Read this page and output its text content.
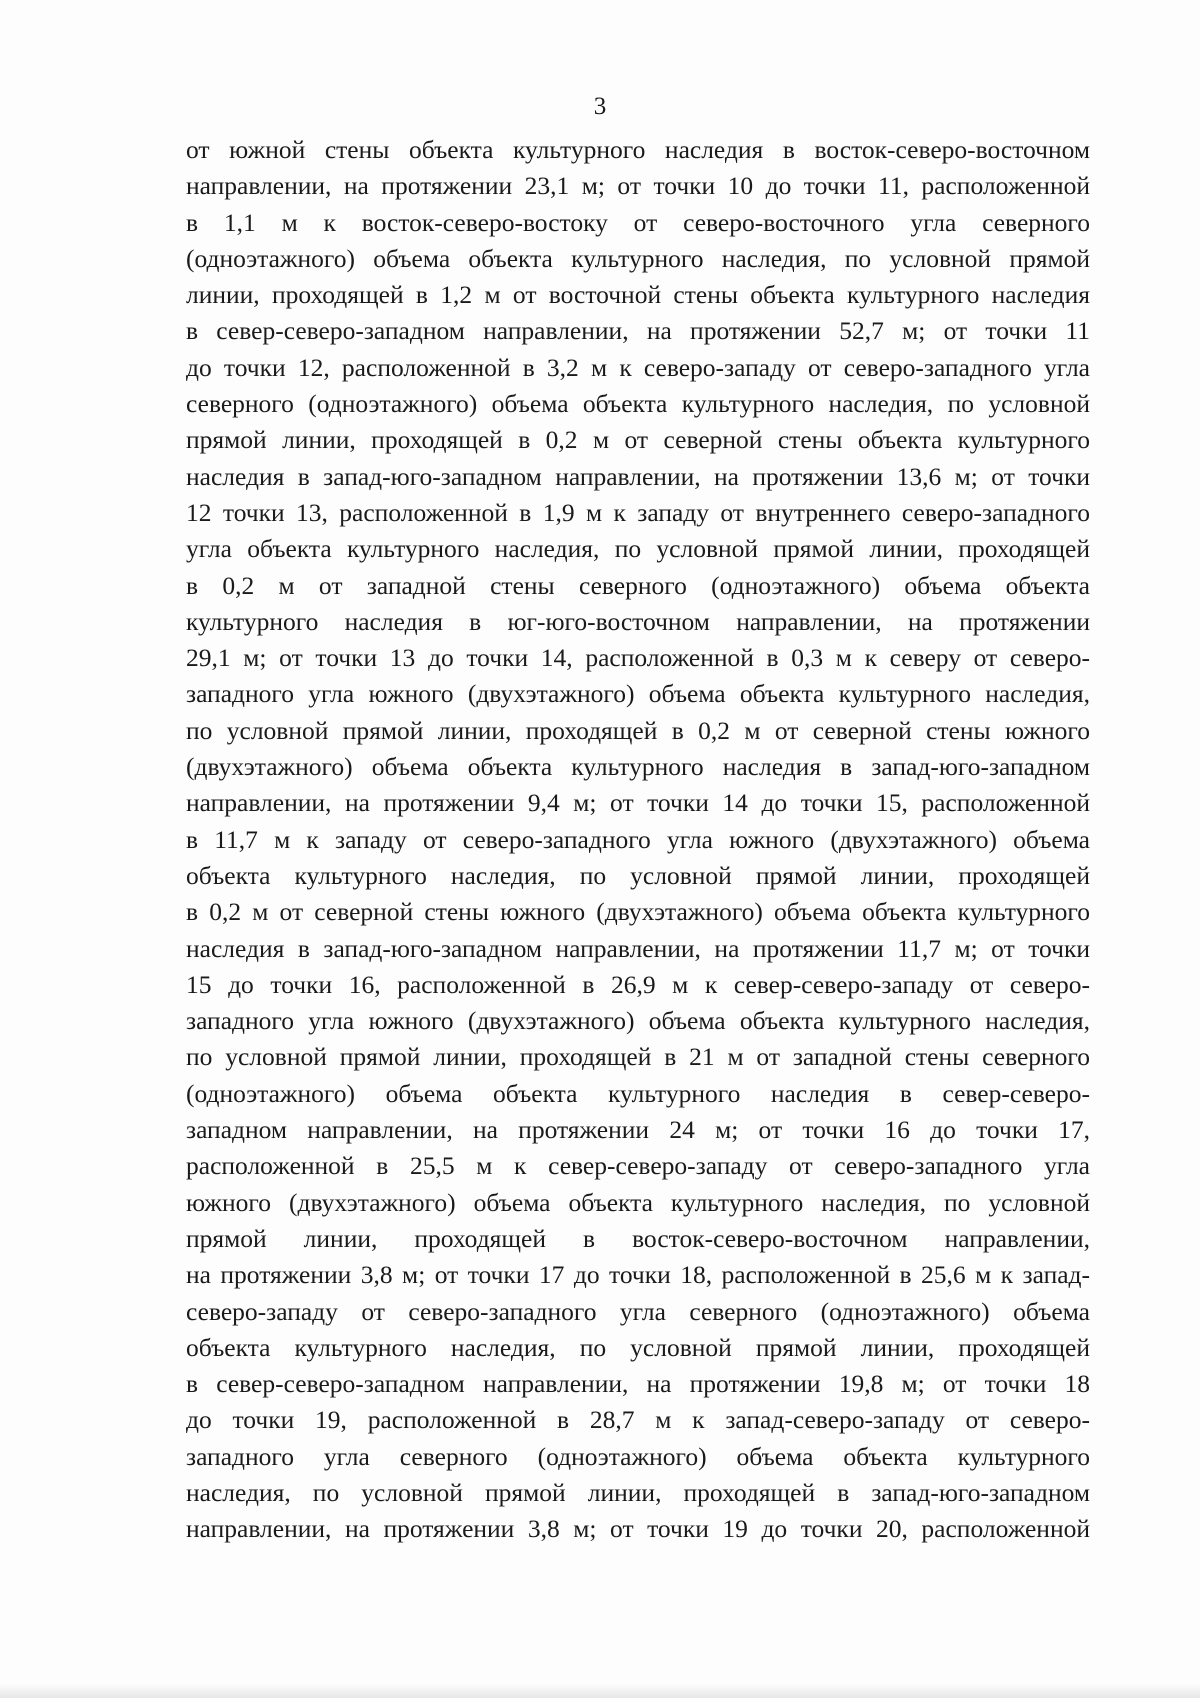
3
от южной стены объекта культурного наследия в восток-северо-восточном
направлении, на протяжении 23,1 м; от точки 10 до точки 11, расположенной
в 1,1 м к восток-северо-востоку от северо-восточного угла северного
(одноэтажного) объема объекта культурного наследия, по условной прямой
линии, проходящей в 1,2 м от восточной стены объекта культурного наследия
в север-северо-западном направлении, на протяжении 52,7 м; от точки 11
до точки 12, расположенной в 3,2 м к северо-западу от северо-западного угла
северного (одноэтажного) объема объекта культурного наследия, по условной
прямой линии, проходящей в 0,2 м от северной стены объекта культурного
наследия в запад-юго-западном направлении, на протяжении 13,6 м; от точки
12 точки 13, расположенной в 1,9 м к западу от внутреннего северо-западного
угла объекта культурного наследия, по условной прямой линии, проходящей
в 0,2 м от западной стены северного (одноэтажного) объема объекта
культурного наследия в юг-юго-восточном направлении, на протяжении
29,1 м; от точки 13 до точки 14, расположенной в 0,3 м к северу от северо-
западного угла южного (двухэтажного) объема объекта культурного наследия,
по условной прямой линии, проходящей в 0,2 м от северной стены южного
(двухэтажного) объема объекта культурного наследия в запад-юго-западном
направлении, на протяжении 9,4 м; от точки 14 до точки 15, расположенной
в 11,7 м к западу от северо-западного угла южного (двухэтажного) объема
объекта культурного наследия, по условной прямой линии, проходящей
в 0,2 м от северной стены южного (двухэтажного) объема объекта культурного
наследия в запад-юго-западном направлении, на протяжении 11,7 м; от точки
15 до точки 16, расположенной в 26,9 м к север-северо-западу от северо-
западного угла южного (двухэтажного) объема объекта культурного наследия,
по условной прямой линии, проходящей в 21 м от западной стены северного
(одноэтажного) объема объекта культурного наследия в север-северо-
западном направлении, на протяжении 24 м; от точки 16 до точки 17,
расположенной в 25,5 м к север-северо-западу от северо-западного угла
южного (двухэтажного) объема объекта культурного наследия, по условной
прямой линии, проходящей в восток-северо-восточном направлении,
на протяжении 3,8 м; от точки 17 до точки 18, расположенной в 25,6 м к запад-
северо-западу от северо-западного угла северного (одноэтажного) объема
объекта культурного наследия, по условной прямой линии, проходящей
в север-северо-западном направлении, на протяжении 19,8 м; от точки 18
до точки 19, расположенной в 28,7 м к запад-северо-западу от северо-
западного угла северного (одноэтажного) объема объекта культурного
наследия, по условной прямой линии, проходящей в запад-юго-западном
направлении, на протяжении 3,8 м; от точки 19 до точки 20, расположенной
